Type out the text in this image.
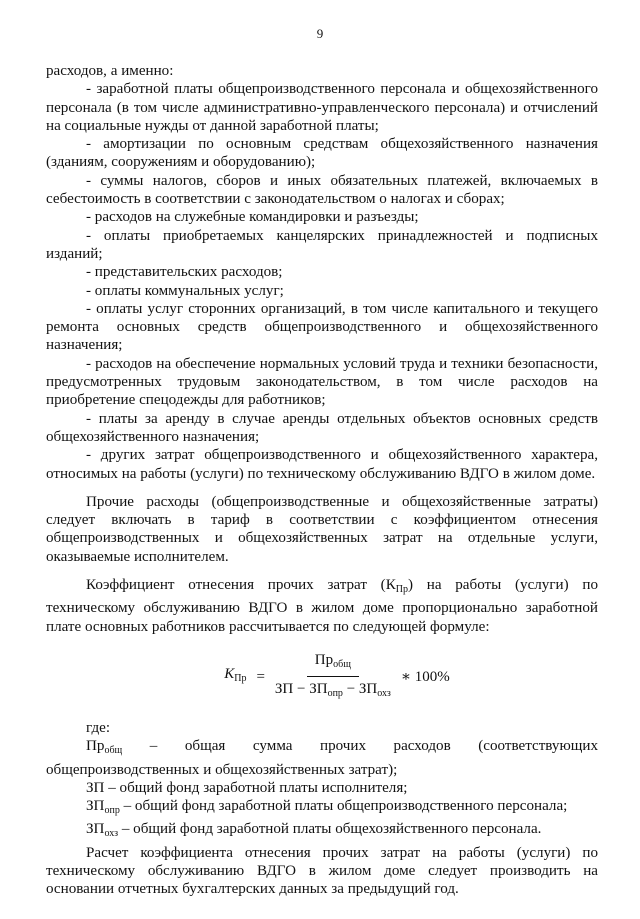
9

расходов, а именно:

- заработной платы общепроизводственного персонала и общехозяйственного персонала (в том числе административно-управленческого персонала) и отчислений на социальные нужды от данной заработной платы;

- амортизации по основным средствам общехозяйственного назначения (зданиям, сооружениям и оборудованию);

- суммы налогов, сборов и иных обязательных платежей, включаемых в себестоимость в соответствии с законодательством о налогах и сборах;

- расходов на служебные командировки и разъезды;

- оплаты приобретаемых канцелярских принадлежностей и подписных изданий;

- представительских расходов;

- оплаты коммунальных услуг;

- оплаты услуг сторонних организаций, в том числе капитального и текущего ремонта основных средств общепроизводственного и общехозяйственного назначения;

- расходов на обеспечение нормальных условий труда и техники безопасности, предусмотренных трудовым законодательством, в том числе расходов на приобретение спецодежды для работников;

- платы за аренду в случае аренды отдельных объектов основных средств общехозяйственного назначения;

- других затрат общепроизводственного и общехозяйственного характера, относимых на работы (услуги) по техническому обслуживанию ВДГО в жилом доме.

Прочие расходы (общепроизводственные и общехозяйственные затраты) следует включать в тариф в соответствии с коэффициентом отнесения общепроизводственных и общехозяйственных затрат на отдельные услуги, оказываемые исполнителем.

Коэффициент отнесения прочих затрат $(К_{Пр})$ на работы (услуги) по техническому обслуживанию ВДГО в жилом доме пропорционально заработной плате основных работников рассчитывается по следующей формуле:

$K_{Пр} = \frac{Пр_{общ}}{ЗП - ЗП_{опр} - ЗП_{охз}}$ ∗ 100%

где:

$Пр_{общ}$ – общая сумма прочих расходов (соответствующих общепроизводственных и общехозяйственных затрат);

ЗП – общий фонд заработной платы исполнителя;

$ЗП_{опр}$ – общий фонд заработной платы общепроизводственного персонала;

$ЗП_{охз}$ – общий фонд заработной платы общехозяйственного персонала.

Расчет коэффициента отнесения прочих затрат на работы (услуги) по техническому обслуживанию ВДГО в жилом доме следует производить на основании отчетных бухгалтерских данных за предыдущий год.
